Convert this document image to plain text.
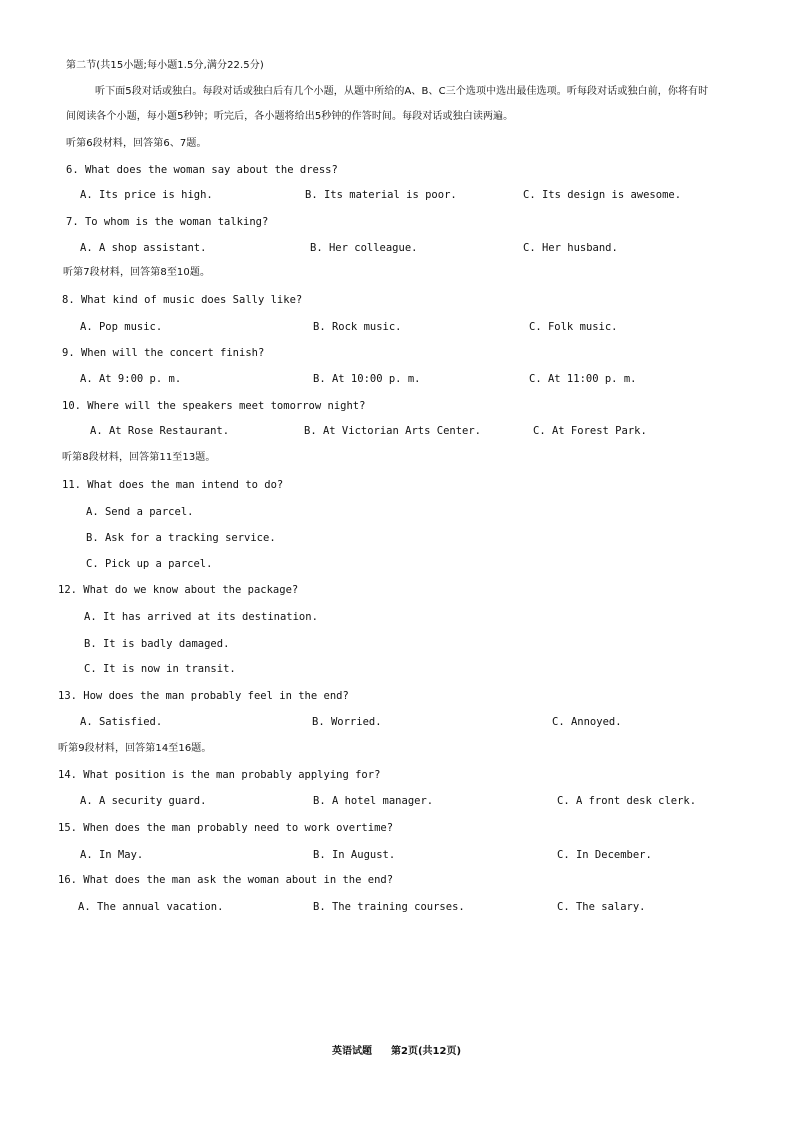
第二节(共15小题;每小题1.5分,满分22.5分)
听下面5段对话或独白。每段对话或独白后有几个小题，从题中所给的A、B、C三个选项中选出最佳选项。听每段对话或独白前，你将有时
间阅读各个小题，每小题5秒钟；听完后，各小题将给出5秒钟的作答时间。每段对话或独白读两遍。
听第6段材料，回答第6、7题。
6. What does the woman say about the dress?
A. Its price is high.	B. Its material is poor.	C. Its design is awesome.
7. To whom is the woman talking?
A. A shop assistant.	B. Her colleague.	C. Her husband.
听第7段材料，回答第8至10题。
8. What kind of music does Sally like?
A. Pop music.	B. Rock music.	C. Folk music.
9. When will the concert finish?
A. At 9:00 p. m.	B. At 10:00 p. m.	C. At 11:00 p. m.
10. Where will the speakers meet tomorrow night?
A. At Rose Restaurant.	B. At Victorian Arts Center.	C. At Forest Park.
听第8段材料，回答第11至13题。
11. What does the man intend to do?
A. Send a parcel.
B. Ask for a tracking service.
C. Pick up a parcel.
12. What do we know about the package?
A. It has arrived at its destination.
B. It is badly damaged.
C. It is now in transit.
13. How does the man probably feel in the end?
A. Satisfied.	B. Worried.	C. Annoyed.
听第9段材料，回答第14至16题。
14. What position is the man probably applying for?
A. A security guard.	B. A hotel manager.	C. A front desk clerk.
15. When does the man probably need to work overtime?
A. In May.	B. In August.	C. In December.
16. What does the man ask the woman about in the end?
A. The annual vacation.	B. The training courses.	C. The salary.
英语试题 第2页(共12页)
